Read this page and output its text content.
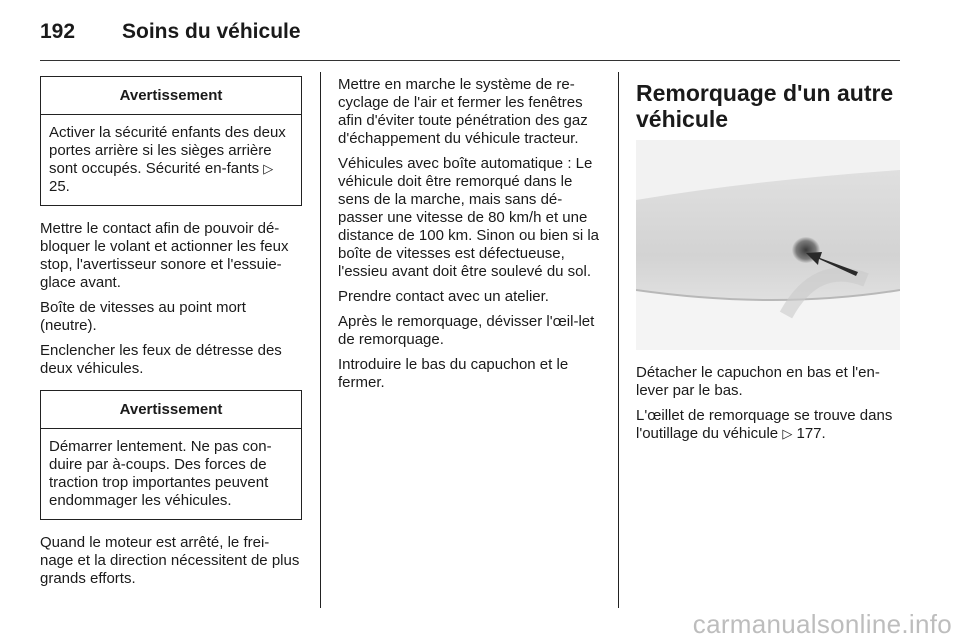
192 Soins du véhicule
Avertissement
Activer la sécurité enfants des deux portes arrière si les sièges arrière sont occupés. Sécurité en-fants ▷ 25.

Mettre le contact afin de pouvoir dé-bloquer le volant et actionner les feux stop, l'avertisseur sonore et l'essuie-glace avant.

Boîte de vitesses au point mort (neutre).

Enclencher les feux de détresse des deux véhicules.

Avertissement
Démarrer lentement. Ne pas con-duire par à-coups. Des forces de traction trop importantes peuvent endommager les véhicules.

Quand le moteur est arrêté, le frei-nage et la direction nécessitent de plus grands efforts.

Mettre en marche le système de re-cyclage de l'air et fermer les fenêtres afin d'éviter toute pénétration des gaz d'échappement du véhicule tracteur.

Véhicules avec boîte automatique : Le véhicule doit être remorqué dans le sens de la marche, mais sans dé-passer une vitesse de 80 km/h et une distance de 100 km. Sinon ou bien si la boîte de vitesses est défectueuse, l'essieu avant doit être soulevé du sol.

Prendre contact avec un atelier.

Après le remorquage, dévisser l'œil-let de remorquage.

Introduire le bas du capuchon et le fermer.

Remorquage d'un autre véhicule

Détacher le capuchon en bas et l'en-lever par le bas.

L'œillet de remorquage se trouve dans l'outillage du véhicule ▷ 177.

carmanualsonline.info
